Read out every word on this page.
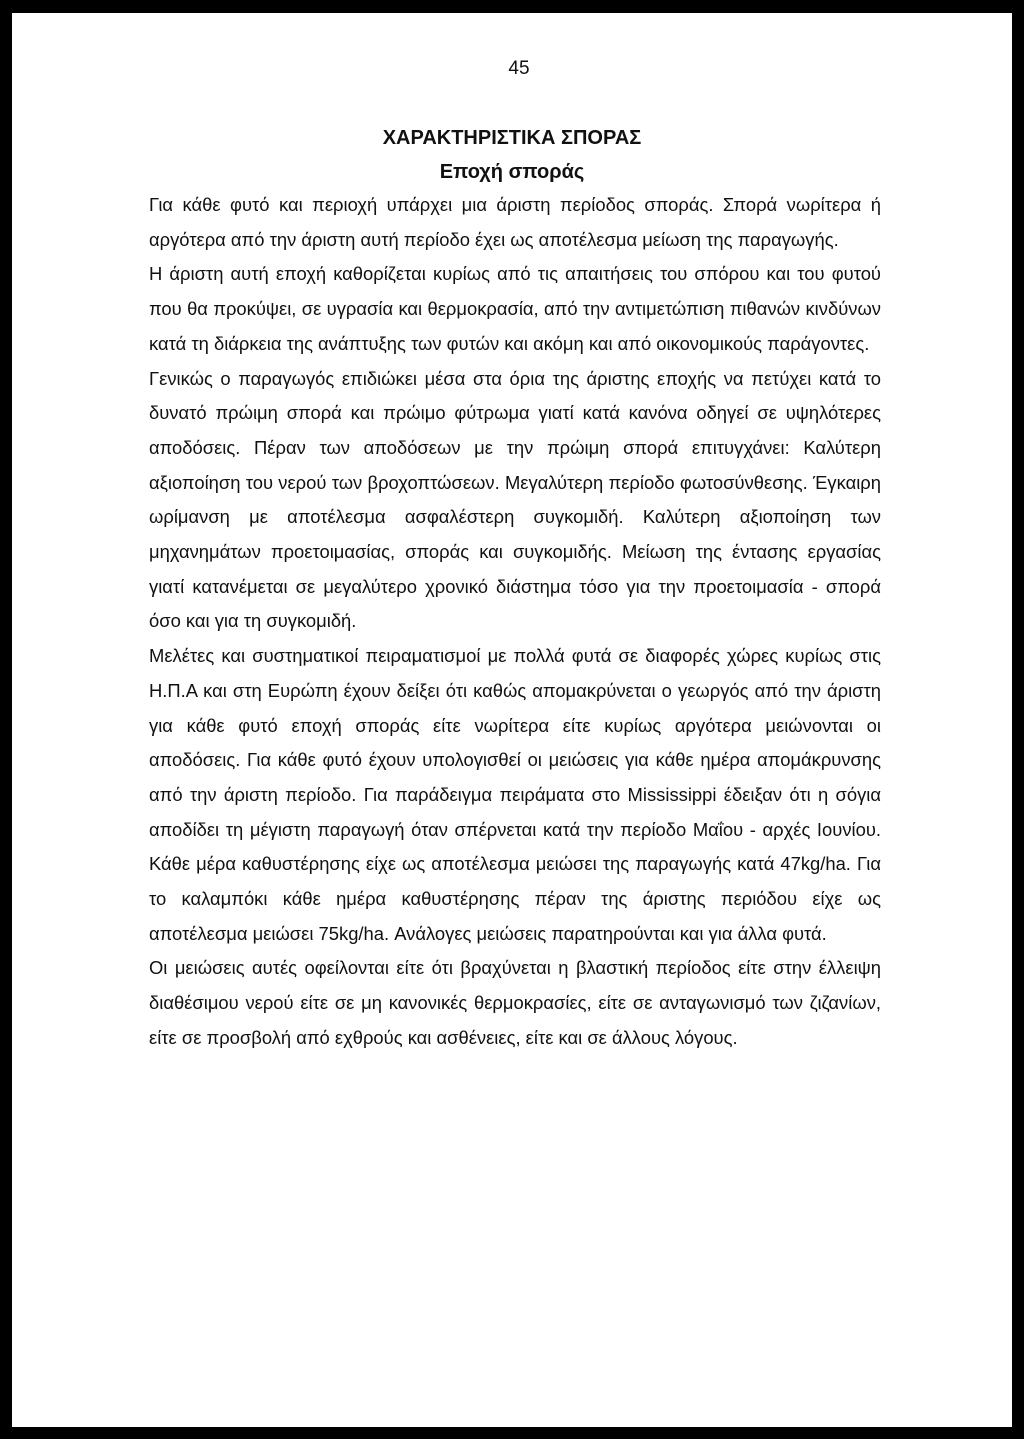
45
ΧΑΡΑΚΤΗΡΙΣΤΙΚΑ ΣΠΟΡΑΣ
Εποχή σποράς

Για κάθε φυτό και περιοχή υπάρχει μια άριστη περίοδος σποράς. Σπορά νωρίτερα ή αργότερα από την άριστη αυτή περίοδο έχει ως αποτέλεσμα μείωση της παραγωγής.

Η άριστη αυτή εποχή καθορίζεται κυρίως από τις απαιτήσεις του σπόρου και του φυτού που θα προκύψει, σε υγρασία και θερμοκρασία, από την αντιμετώπιση πιθανών κινδύνων κατά τη διάρκεια της ανάπτυξης των φυτών και ακόμη και από οικονομικούς παράγοντες.

Γενικώς ο παραγωγός επιδιώκει μέσα στα όρια της άριστης εποχής να πετύχει κατά το δυνατό πρώιμη σπορά και πρώιμο φύτρωμα γιατί κατά κανόνα οδηγεί σε υψηλότερες αποδόσεις. Πέραν των αποδόσεων με την πρώιμη σπορά επιτυγχάνει: Καλύτερη αξιοποίηση του νερού των βροχοπτώσεων. Μεγαλύτερη περίοδο φωτοσύνθεσης. Έγκαιρη ωρίμανση με αποτέλεσμα ασφαλέστερη συγκομιδή. Καλύτερη αξιοποίηση των μηχανημάτων προετοιμασίας, σποράς και συγκομιδής. Μείωση της έντασης εργασίας γιατί κατανέμεται σε μεγαλύτερο χρονικό διάστημα τόσο για την προετοιμασία - σπορά όσο και για τη συγκομιδή.

Μελέτες και συστηματικοί πειραματισμοί με πολλά φυτά σε διαφορές χώρες κυρίως στις Η.Π.Α και στη Ευρώπη έχουν δείξει ότι καθώς απομακρύνεται ο γεωργός από την άριστη για κάθε φυτό εποχή σποράς είτε νωρίτερα είτε κυρίως αργότερα μειώνονται οι αποδόσεις. Για κάθε φυτό έχουν υπολογισθεί οι μειώσεις για κάθε ημέρα απομάκρυνσης από την άριστη περίοδο. Για παράδειγμα πειράματα στο Mississippi έδειξαν ότι η σόγια αποδίδει τη μέγιστη παραγωγή όταν σπέρνεται κατά την περίοδο Μαΐου - αρχές Ιουνίου. Κάθε μέρα καθυστέρησης είχε ως αποτέλεσμα μειώσει της παραγωγής κατά 47kg/ha. Για το καλαμπόκι κάθε ημέρα καθυστέρησης πέραν της άριστης περιόδου είχε ως αποτέλεσμα μειώσει 75kg/ha. Ανάλογες μειώσεις παρατηρούνται και για άλλα φυτά.

Οι μειώσεις αυτές οφείλονται είτε ότι βραχύνεται η βλαστική περίοδος είτε στην έλλειψη διαθέσιμου νερού είτε σε μη κανονικές θερμοκρασίες, είτε σε ανταγωνισμό των ζιζανίων, είτε σε προσβολή από εχθρούς και ασθένειες, είτε και σε άλλους λόγους.
